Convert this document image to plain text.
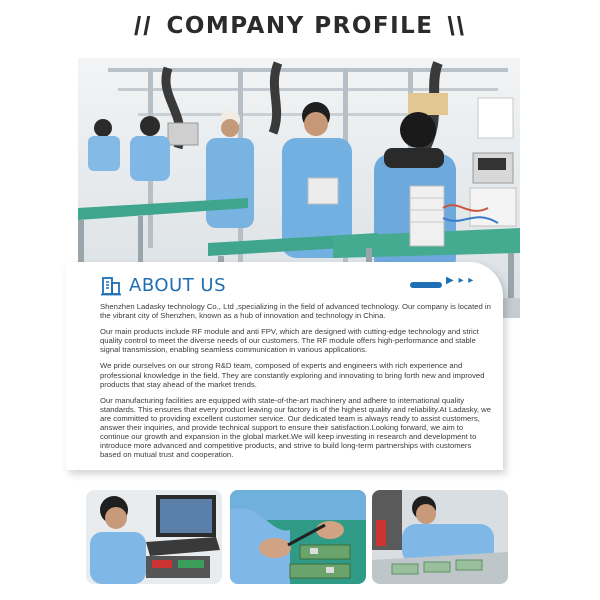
// COMPANY PROFILE \\
ABOUT US	▶ ▸ ▸

Shenzhen Ladasky technology Co., Ltd ,specializing in the field of advanced technology. Our company is located in the vibrant city of Shenzhen, known as a hub of innovation and technology in China.

Our main products include RF module and anti FPV, which are designed with cutting-edge technology and strict quality control to meet the diverse needs of our customers. The RF module offers high-performance and stable signal transmission, enabling seamless communication in various applications.

We pride ourselves on our strong R&D team, composed of experts and engineers with rich experience and professional knowledge in the field. They are constantly exploring and innovating to bring forth new and improved products that stay ahead of the market trends.

Our manufacturing facilities are equipped with state-of-the-art machinery and adhere to international quality standards. This ensures that every product leaving our factory is of the highest quality and reliability.At Ladasky, we are committed to providing excellent customer service. Our dedicated team is always ready to assist customers, answer their inquiries, and provide technical support to ensure their satisfaction.Looking forward, we aim to continue our growth and expansion in the global market.We will keep investing in research and development to introduce more advanced and competitive products, and strive to build long-term partnerships with customers based on mutual trust and cooperation.
